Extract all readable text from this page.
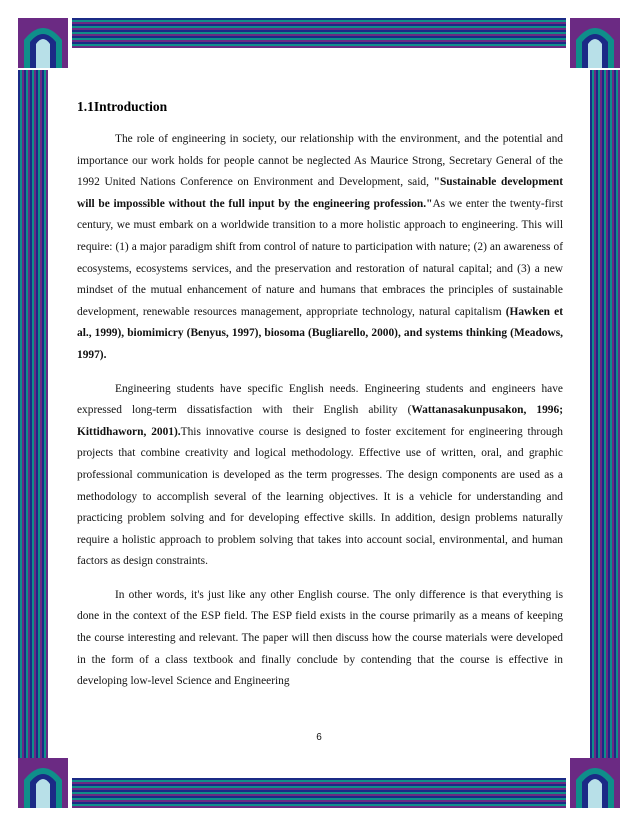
1.1Introduction

The role of engineering in society, our relationship with the environment, and the potential and importance our work holds for people cannot be neglected As Maurice Strong, Secretary General of the 1992 United Nations Conference on Environment and Development, said, "Sustainable development will be impossible without the full input by the engineering profession."As we enter the twenty-first century, we must embark on a worldwide transition to a more holistic approach to engineering. This will require: (1) a major paradigm shift from control of nature to participation with nature; (2) an awareness of ecosystems, ecosystems services, and the preservation and restoration of natural capital; and (3) a new mindset of the mutual enhancement of nature and humans that embraces the principles of sustainable development, renewable resources management, appropriate technology, natural capitalism (Hawken et al., 1999), biomimicry (Benyus, 1997), biosoma (Bugliarello, 2000), and systems thinking (Meadows, 1997).

Engineering students have specific English needs. Engineering students and engineers have expressed long-term dissatisfaction with their English ability (Wattanasakunpusakon, 1996; Kittidhaworn, 2001).This innovative course is designed to foster excitement for engineering through projects that combine creativity and logical methodology. Effective use of written, oral, and graphic professional communication is developed as the term progresses. The design components are used as a methodology to accomplish several of the learning objectives. It is a vehicle for understanding and practicing problem solving and for developing effective skills. In addition, design problems naturally require a holistic approach to problem solving that takes into account social, environmental, and human factors as design constraints.

In other words, it's just like any other English course. The only difference is that everything is done in the context of the ESP field. The ESP field exists in the course primarily as a means of keeping the course interesting and relevant. The paper will then discuss how the course materials were developed in the form of a class textbook and finally conclude by contending that the course is effective in developing low-level Science and Engineering

6
